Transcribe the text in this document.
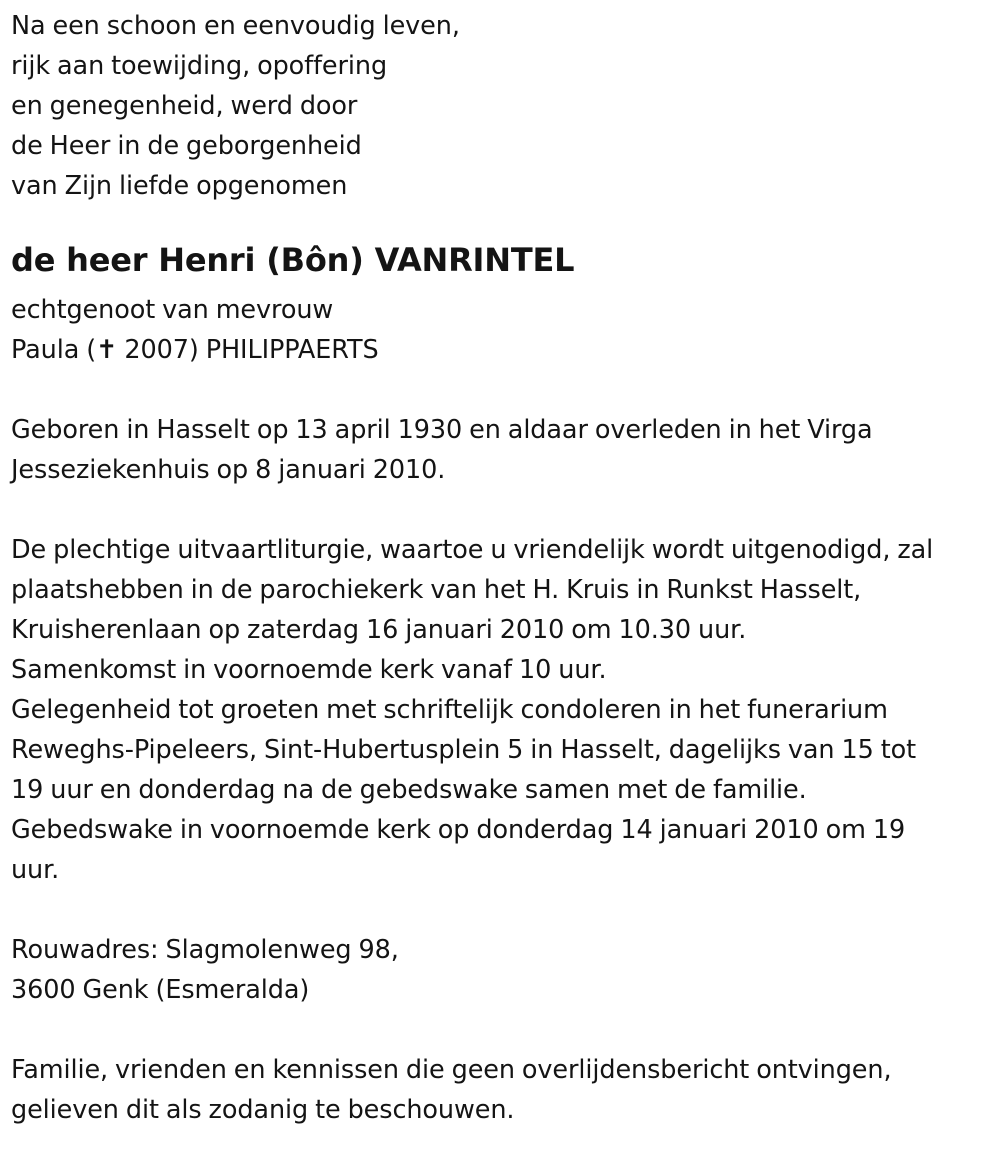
Na een schoon en eenvoudig leven,
rijk aan toewijding, opoffering
en genegenheid, werd door
de Heer in de geborgenheid
van Zijn liefde opgenomen
de heer Henri (Bôn) VANRINTEL
echtgenoot van mevrouw
Paula (✝ 2007) PHILIPPAERTS
Geboren in Hasselt op 13 april 1930 en aldaar overleden in het Virga
Jesseziekenhuis op 8 januari 2010.
De plechtige uitvaartliturgie, waartoe u vriendelijk wordt uitgenodigd, zal
plaatshebben in de parochiekerk van het H. Kruis in Runkst Hasselt,
Kruisherenlaan op zaterdag 16 januari 2010 om 10.30 uur.
Samenkomst in voornoemde kerk vanaf 10 uur.
Gelegenheid tot groeten met schriftelijk condoleren in het funerarium
Reweghs-Pipeleers, Sint-Hubertusplein 5 in Hasselt, dagelijks van 15 tot
19 uur en donderdag na de gebedswake samen met de familie.
Gebedswake in voornoemde kerk op donderdag 14 januari 2010 om 19
uur.
Rouwadres: Slagmolenweg 98,
3600 Genk (Esmeralda)
Familie, vrienden en kennissen die geen overlijdensbericht ontvingen,
gelieven dit als zodanig te beschouwen.
